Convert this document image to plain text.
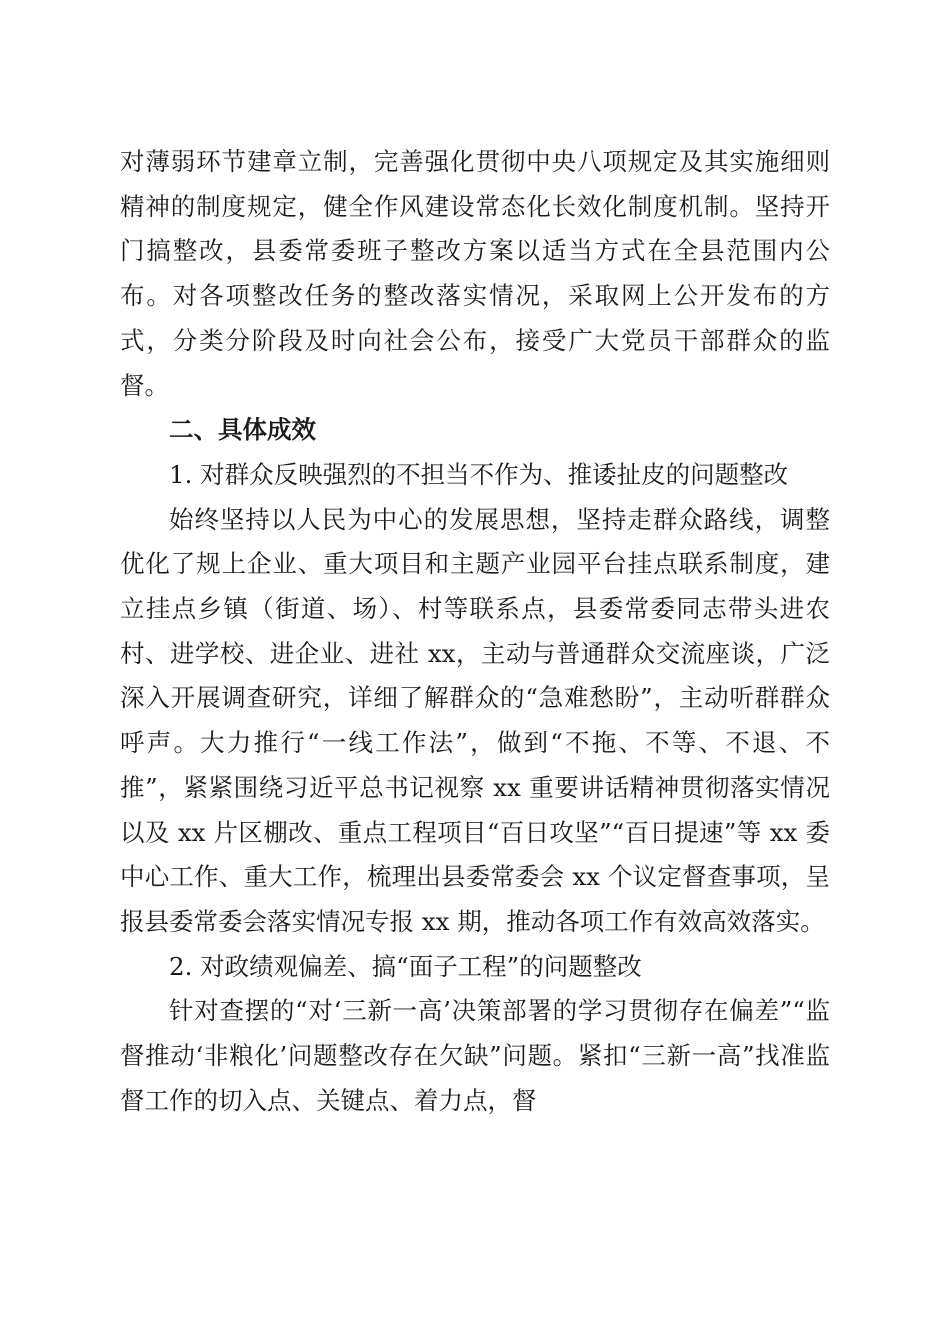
对薄弱环节建章立制，完善强化贯彻中央八项规定及其实施细则精神的制度规定，健全作风建设常态化长效化制度机制。坚持开门搞整改，县委常委班子整改方案以适当方式在全县范围内公布。对各项整改任务的整改落实情况，采取网上公开发布的方式，分类分阶段及时向社会公布，接受广大党员干部群众的监督。

二、具体成效

1. 对群众反映强烈的不担当不作为、推诿扯皮的问题整改

始终坚持以人民为中心的发展思想，坚持走群众路线，调整优化了规上企业、重大项目和主题产业园平台挂点联系制度，建立挂点乡镇（街道、场）、村等联系点，县委常委同志带头进农村、进学校、进企业、进社 xx，主动与普通群众交流座谈，广泛深入开展调查研究，详细了解群众的“急难愁盼”，主动听群群众呼声。大力推行“一线工作法”，做到“不拖、不等、不退、不推”，紧紧围绕习近平总书记视察 xx 重要讲话精神贯彻落实情况以及 xx 片区棚改、重点工程项目“百日攻坚”“百日提速”等 xx 委中心工作、重大工作，梳理出县委常委会 xx 个议定督查事项，呈报县委常委会落实情况专报 xx 期，推动各项工作有效高效落实。

2. 对政绩观偏差、搞“面子工程”的问题整改

针对查摆的“对‘三新一高’决策部署的学习贯彻存在偏差”“监督推动‘非粮化’问题整改存在欠缺”问题。紧扣“三新一高”找准监督工作的切入点、关键点、着力点，督
